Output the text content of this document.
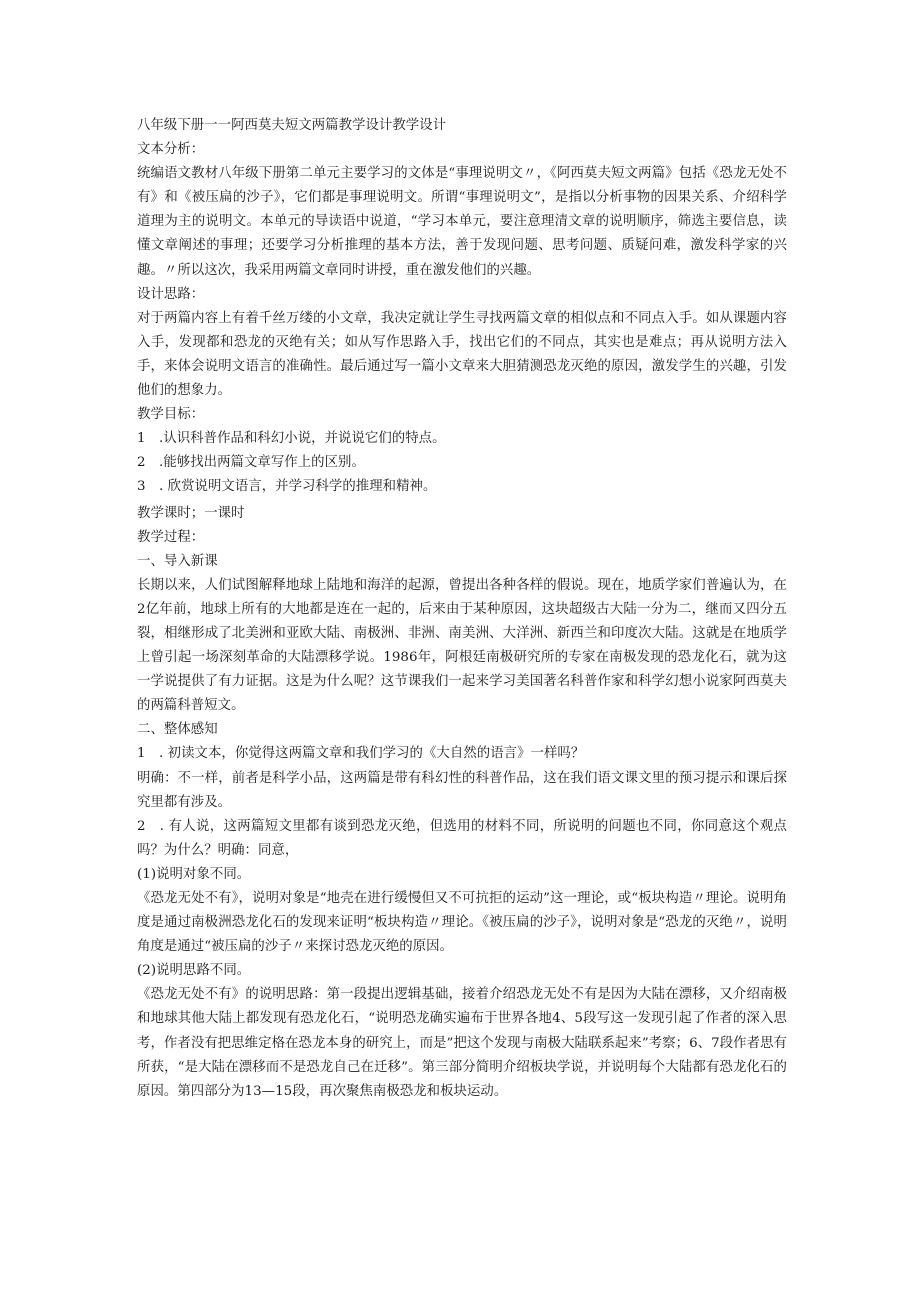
八年级下册一一阿西莫夫短文两篇教学设计教学设计

文本分析：

统编语文教材八年级下册第二单元主要学习的文体是“事理说明文〃，《阿西莫夫短文两篇》包括《恐龙无处不有》和《被压扁的沙子》，它们都是事理说明文。所谓“事理说明文”，是指以分析事物的因果关系、介绍科学道理为主的说明文。本单元的导读语中说道，“学习本单元，要注意理清文章的说明顺序，筛选主要信息，读懂文章阐述的事理；还要学习分析推理的基本方法，善于发现问题、思考问题、质疑问难，激发科学家的兴趣。〃所以这次，我采用两篇文章同时讲授，重在激发他们的兴趣。

设计思路：

对于两篇内容上有着千丝万缕的小文章，我决定就让学生寻找两篇文章的相似点和不同点入手。如从课题内容入手，发现都和恐龙的灭绝有关；如从写作思路入手，找出它们的不同点，其实也是难点；再从说明方法入手，来体会说明文语言的准确性。最后通过写一篇小文章来大胆猜测恐龙灭绝的原因，激发学生的兴趣，引发他们的想象力。

教学目标：

1　.认识科普作品和科幻小说，并说说它们的特点。

2　.能够找出两篇文章写作上的区别。

3　. 欣赏说明文语言，并学习科学的推理和精神。

教学课时；一课时

教学过程：

一、导入新课

长期以来，人们试图解释地球上陆地和海洋的起源，曾提出各种各样的假说。现在，地质学家们普遍认为，在2亿年前，地球上所有的大地都是连在一起的，后来由于某种原因，这块超级古大陆一分为二，继而又四分五裂，相继形成了北美洲和亚欧大陆、南极洲、非洲、南美洲、大洋洲、新西兰和印度次大陆。这就是在地质学上曾引起一场深刻革命的大陆漂移学说。1986年，阿根廷南极研究所的专家在南极发现的恐龙化石，就为这一学说提供了有力证据。这是为什么呢？这节课我们一起来学习美国著名科普作家和科学幻想小说家阿西莫夫的两篇科普短文。

二、整体感知

1　. 初读文本，你觉得这两篇文章和我们学习的《大自然的语言》一样吗？

明确：不一样，前者是科学小品，这两篇是带有科幻性的科普作品，这在我们语文课文里的预习提示和课后探究里都有涉及。

2　. 有人说，这两篇短文里都有谈到恐龙灭绝，但选用的材料不同，所说明的问题也不同，你同意这个观点吗？为什么？明确：同意，

(1)说明对象不同。

《恐龙无处不有》，说明对象是“地壳在进行缓慢但又不可抗拒的运动”这一理论，或“板块构造〃理论。说明角度是通过南极洲恐龙化石的发现来证明“板块构造〃理论。《被压扁的沙子》，说明对象是“恐龙的灭绝〃，说明角度是通过“被压扁的沙子〃来探讨恐龙灭绝的原因。

(2)说明思路不同。

《恐龙无处不有》的说明思路：第一段提出逻辑基础，接着介绍恐龙无处不有是因为大陆在漂移，又介绍南极和地球其他大陆上都发现有恐龙化石，“说明恐龙确实遍布于世界各地4、5段写这一发现引起了作者的深入思考，作者没有把思维定格在恐龙本身的研究上，而是”把这个发现与南极大陆联系起来”考察；6、7段作者思有所获，“是大陆在漂移而不是恐龙自己在迁移”。第三部分简明介绍板块学说，并说明每个大陆都有恐龙化石的原因。第四部分为13—15段，再次聚焦南极恐龙和板块运动。
